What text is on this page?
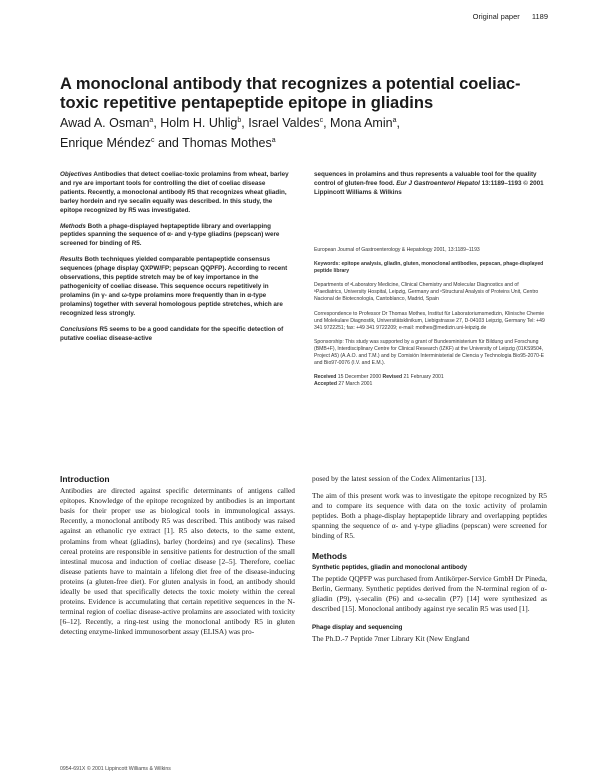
Original paper 1189
A monoclonal antibody that recognizes a potential coeliac-toxic repetitive pentapeptide epitope in gliadins
Awad A. Osman$^a$, Holm H. Uhlig$^b$, Israel Valdes$^c$, Mona Amin$^a$,
Enrique Méndez$^c$ and Thomas Mothes$^a$

Objectives Antibodies that detect coeliac-toxic prolamins from wheat, barley and rye are important tools for controlling the diet of coeliac disease patients. Recently, a monoclonal antibody R5 that recognizes wheat gliadin, barley hordein and rye secalin equally was described. In this study, the epitope recognized by R5 was investigated.

Methods Both a phage-displayed heptapeptide library and overlapping peptides spanning the sequence of α- and γ-type gliadins (pepscan) were screened for binding of R5.

Results Both techniques yielded comparable pentapeptide consensus sequences (phage display QXPW/FP; pepscan QQPFP). According to recent observations, this peptide stretch may be of key importance in the pathogenicity of coeliac disease. This sequence occurs repetitively in prolamins (in γ- and ω-type prolamins more frequently than in α-type prolamins) together with several homologous peptide stretches, which are recognized less strongly.

Conclusions R5 seems to be a good candidate for the specific detection of putative coeliac disease-active

sequences in prolamins and thus represents a valuable tool for the quality control of gluten-free food. Eur J Gastroenterol Hepatol 13:1189–1193 © 2001 Lippincott Williams & Wilkins

European Journal of Gastroenterology & Hepatology 2001, 13:1189–1193

Keywords: epitope analysis, gliadin, gluten, monoclonal antibodies, pepscan, phage-displayed peptide library

Departments of ᵃLaboratory Medicine, Clinical Chemistry and Molecular Diagnostics and of ᵇPaediatrics, University Hospital, Leipzig, Germany and ᶜStructural Analysis of Proteins Unit, Centro Nacional de Biotecnología, Cantoblanco, Madrid, Spain

Correspondence to Professor Dr Thomas Mothes, Institut für Laboratoriumsmedizin, Klinische Chemie und Molekulare Diagnostik, Universitätsklinikum, Liebigstrasse 27, D-04103 Leipzig, Germany Tel: +49 341 9722251; fax: +49 341 9722209; e-mail: mothes@medizin.uni-leipzig.de

Sponsorship: This study was supported by a grant of Bundesministerium für Bildung und Forschung (BMB+F), Interdisciplinary Centre for Clinical Research (IZKF) at the University of Leipzig (01KS9504, Project A5) (A.A.O. and T.M.) and by Comisión Interministerial de Ciencia y Technologia Bio95-2070-E and Bio97-0076 (I.V. and E.M.).

Received 15 December 2000 Revised 21 February 2001

Accepted 27 March 2001

Introduction

Antibodies are directed against specific determinants of antigens called epitopes. Knowledge of the epitope recognized by antibodies is an important basis for their proper use as biological tools in immunological assays. Recently, a monoclonal antibody R5 was described. This antibody was raised against an ethanolic rye extract [1]. R5 also detects, to the same extent, prolamins from wheat (gliadins), barley (hordeins) and rye (secalins). These cereal proteins are responsible in sensitive patients for destruction of the small intestinal mucosa and induction of coeliac disease [2–5]. Therefore, coeliac disease patients have to maintain a lifelong diet free of the disease-inducing proteins (a gluten-free diet). For gluten analysis in food, an antibody should ideally be used that specifically detects the toxic moiety within the cereal proteins. Evidence is accumulating that certain repetitive sequences in the N-terminal region of coeliac disease-active prolamins are associated with toxicity [6–12]. Recently, a ring-test using the monoclonal antibody R5 in gluten detecting enzyme-linked immunosorbent assay (ELISA) was pro-

posed by the latest session of the Codex Alimentarius [13].

The aim of this present work was to investigate the epitope recognized by R5 and to compare its sequence with data on the toxic activity of prolamin peptides. Both a phage-display heptapeptide library and overlapping peptides spanning the sequence of α- and γ-type gliadins (pepscan) were screened for binding of R5.

Methods
Synthetic peptides, gliadin and monoclonal antibody

The peptide QQPFP was purchased from Antikörper-Service GmbH Dr Pineda, Berlin, Germany. Synthetic peptides derived from the N-terminal region of α-gliadin (P9), γ-secalin (P6) and ω-secalin (P7) [14] were synthesized as described [15]. Monoclonal antibody against rye secalin R5 was used [1].

Phage display and sequencing

The Ph.D.-7 Peptide 7mer Library Kit (New England

0954-691X © 2001 Lippincott Williams & Wilkins
